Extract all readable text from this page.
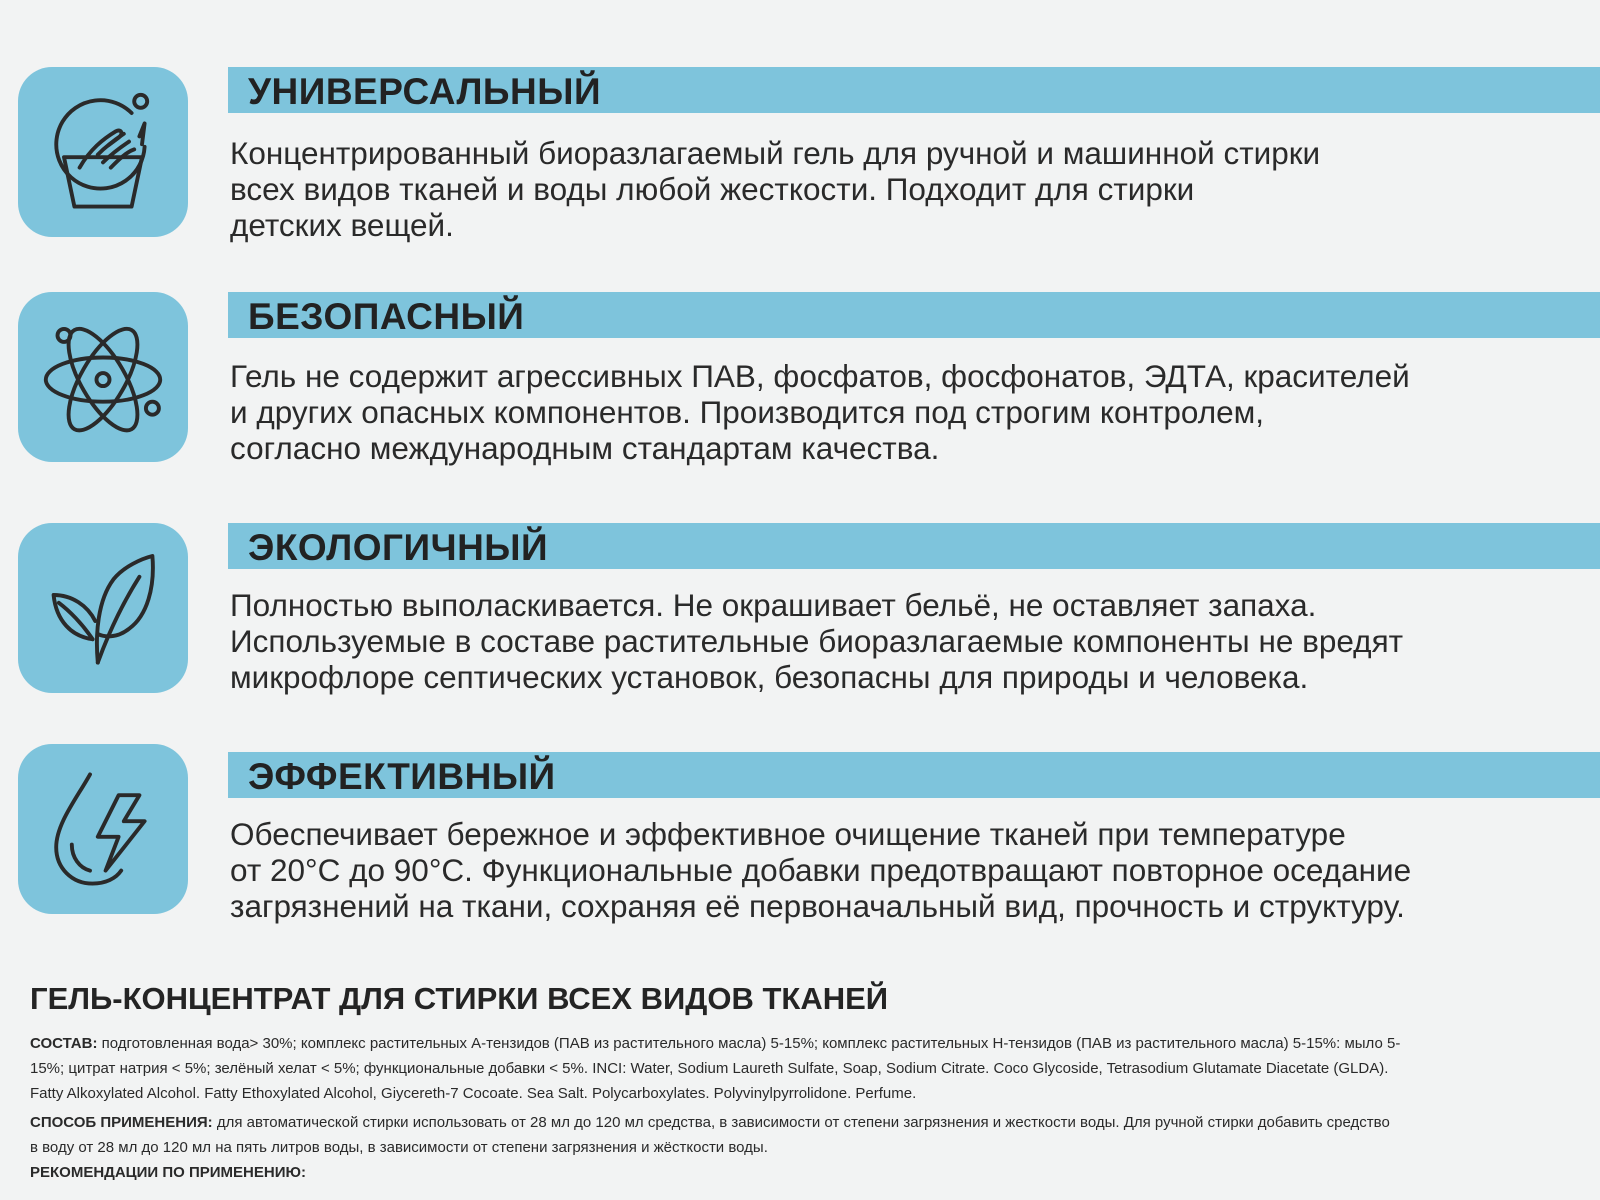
УНИВЕРСАЛЬНЫЙ
Концентрированный биоразлагаемый гель для ручной и машинной стирки
всех видов тканей и воды любой жесткости. Подходит для стирки
детских вещей.
БЕЗОПАСНЫЙ
Гель не содержит агрессивных ПАВ, фосфатов, фосфонатов, ЭДТА, красителей
и других опасных компонентов. Производится под строгим контролем,
согласно международным стандартам качества.
ЭКОЛОГИЧНЫЙ
Полностью выполаскивается. Не окрашивает бельё, не оставляет запаха.
Используемые в составе растительные биоразлагаемые компоненты не вредят
микрофлоре септических установок, безопасны для природы и человека.
ЭФФЕКТИВНЫЙ
Обеспечивает бережное и эффективное очищение тканей при температуре
от 20°С до 90°С. Функциональные добавки предотвращают повторное оседание
загрязнений на ткани, сохраняя её первоначальный вид, прочность и структуру.
ГЕЛЬ-КОНЦЕНТРАТ ДЛЯ СТИРКИ ВСЕХ ВИДОВ ТКАНЕЙ
СОСТАВ: подготовленная вода> 30%; комплекс растительных А-тензидов (ПАВ из растительного масла) 5-15%; комплекс растительных Н-тензидов (ПАВ из растительного масла) 5-15%: мыло 5-
15%; цитрат натрия < 5%; зелёный хелат < 5%; функциональные добавки < 5%. INCI: Water, Sodium Laureth Sulfate, Soap, Sodium Citrate. Coco Glycoside, Tetrasodium Glutamate Diacetate (GLDA).
Fatty Alkoxylated Alcohol. Fatty Ethoxylated Alcohol, Giycereth-7 Cocoate. Sea Salt. Polycarboxylates. Polyvinylpyrrolidone. Perfume.
СПОСОБ ПРИМЕНЕНИЯ: для автоматической стирки использовать от 28 мл до 120 мл средства, в зависимости от степени загрязнения и жесткости воды. Для ручной стирки добавить средство
в воду от 28 мл до 120 мл на пять литров воды, в зависимости от степени загрязнения и жёсткости воды.
РЕКОМЕНДАЦИИ ПО ПРИМЕНЕНИЮ:
